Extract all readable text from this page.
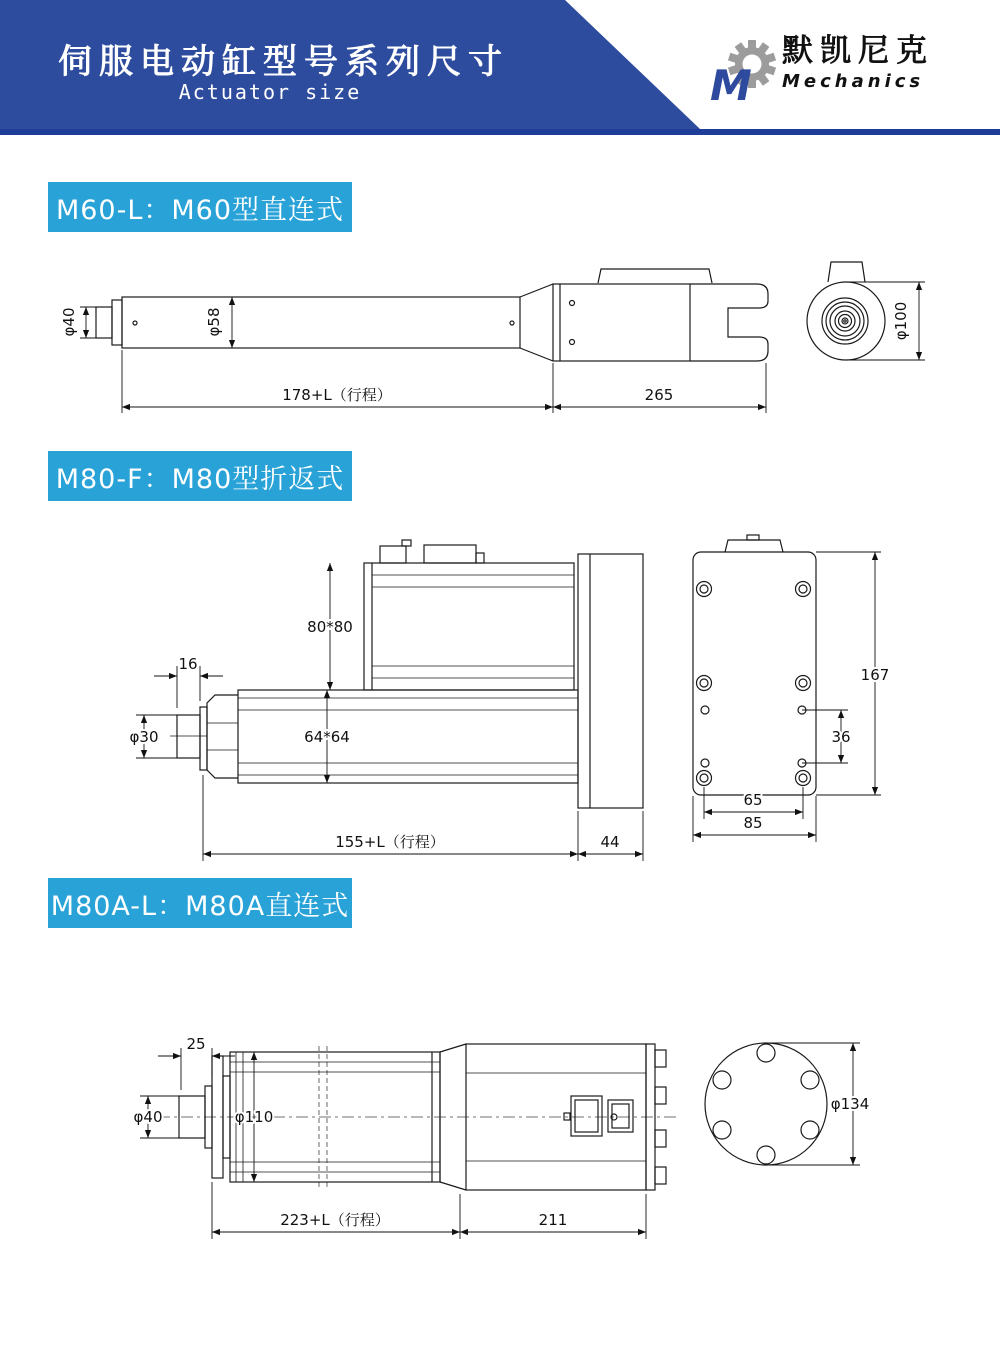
伺服电动缸型号系列尺寸
Actuator size	M
默凯尼克
Mechanics
M60-L：M60型直连式
M80-F：M80型折返式
M80A-L：M80A直连式
φ40	φ58
178+L（行程）	265
φ100
16
φ30	64*64
80*80
155+L（行程）	44
167
36
65
85
25
φ40	φ110
223+L（行程）	211
φ134
